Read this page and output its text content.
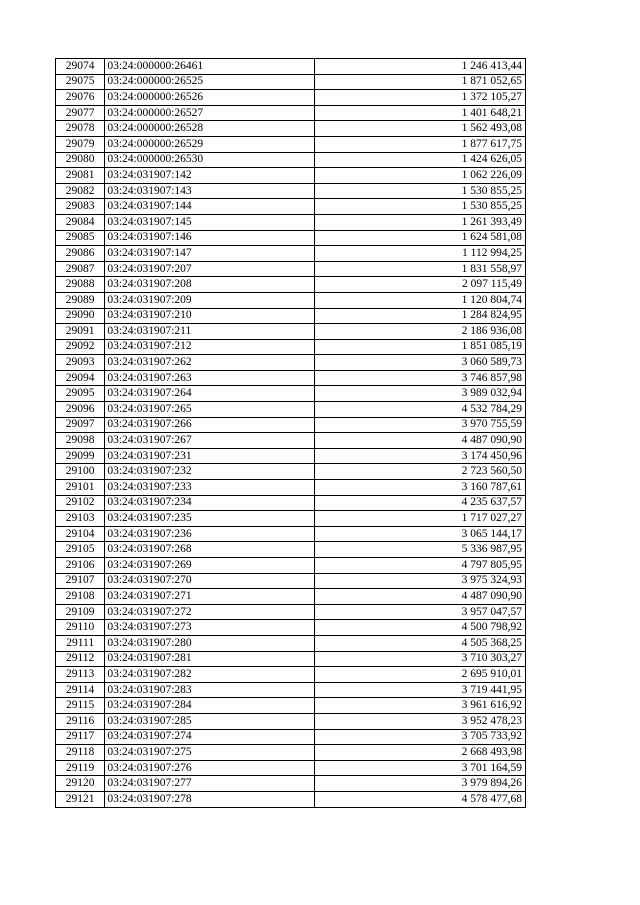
29074	03:24:000000:26461	1 246 413,44
29075	03:24:000000:26525	1 871 052,65
29076	03:24:000000:26526	1 372 105,27
29077	03:24:000000:26527	1 401 648,21
29078	03:24:000000:26528	1 562 493,08
29079	03:24:000000:26529	1 877 617,75
29080	03:24:000000:26530	1 424 626,05
29081	03:24:031907:142	1 062 226,09
29082	03:24:031907:143	1 530 855,25
29083	03:24:031907:144	1 530 855,25
29084	03:24:031907:145	1 261 393,49
29085	03:24:031907:146	1 624 581,08
29086	03:24:031907:147	1 112 994,25
29087	03:24:031907:207	1 831 558,97
29088	03:24:031907:208	2 097 115,49
29089	03:24:031907:209	1 120 804,74
29090	03:24:031907:210	1 284 824,95
29091	03:24:031907:211	2 186 936,08
29092	03:24:031907:212	1 851 085,19
29093	03:24:031907:262	3 060 589,73
29094	03:24:031907:263	3 746 857,98
29095	03:24:031907:264	3 989 032,94
29096	03:24:031907:265	4 532 784,29
29097	03:24:031907:266	3 970 755,59
29098	03:24:031907:267	4 487 090,90
29099	03:24:031907:231	3 174 450,96
29100	03:24:031907:232	2 723 560,50
29101	03:24:031907:233	3 160 787,61
29102	03:24:031907:234	4 235 637,57
29103	03:24:031907:235	1 717 027,27
29104	03:24:031907:236	3 065 144,17
29105	03:24:031907:268	5 336 987,95
29106	03:24:031907:269	4 797 805,95
29107	03:24:031907:270	3 975 324,93
29108	03:24:031907:271	4 487 090,90
29109	03:24:031907:272	3 957 047,57
29110	03:24:031907:273	4 500 798,92
29111	03:24:031907:280	4 505 368,25
29112	03:24:031907:281	3 710 303,27
29113	03:24:031907:282	2 695 910,01
29114	03:24:031907:283	3 719 441,95
29115	03:24:031907:284	3 961 616,92
29116	03:24:031907:285	3 952 478,23
29117	03:24:031907:274	3 705 733,92
29118	03:24:031907:275	2 668 493,98
29119	03:24:031907:276	3 701 164,59
29120	03:24:031907:277	3 979 894,26
29121	03:24:031907:278	4 578 477,68
